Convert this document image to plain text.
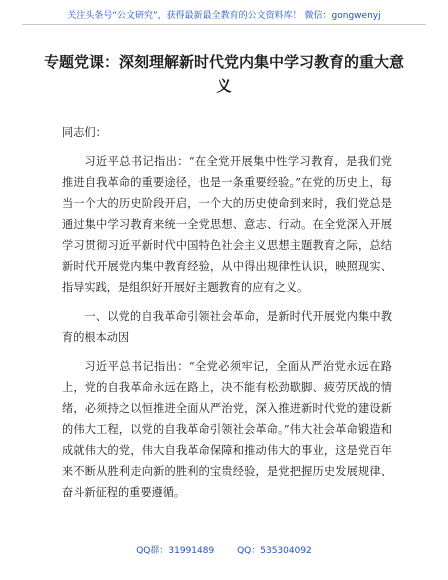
关注头条号“公文研究”，获得最新最全教育的公文资料库！ 微信：gongwenyj
专题党课：深刻理解新时代党内集中学习教育的重大意义

同志们：

习近平总书记指出：“在全党开展集中性学习教育，是我们党推进自我革命的重要途径，也是一条重要经验。”在党的历史上，每当一个大的历史阶段开启，一个大的历史使命到来时，我们党总是通过集中学习教育来统一全党思想、意志、行动。在全党深入开展学习贯彻习近平新时代中国特色社会主义思想主题教育之际，总结新时代开展党内集中教育经验，从中得出规律性认识，映照现实、指导实践，是组织好开展好主题教育的应有之义。

一、以党的自我革命引领社会革命，是新时代开展党内集中教育的根本动因

习近平总书记指出：“全党必须牢记，全面从严治党永远在路上，党的自我革命永远在路上，决不能有松劲歇脚、疲劳厌战的情绪，必须持之以恒推进全面从严治党，深入推进新时代党的建设新的伟大工程，以党的自我革命引领社会革命。”伟大社会革命锻造和成就伟大的党，伟大自我革命保障和推动伟大的事业，这是党百年来不断从胜利走向新的胜利的宝贵经验，是党把握历史发展规律、奋斗新征程的重要遵循。

QQ群：31991489	QQ：535304092
